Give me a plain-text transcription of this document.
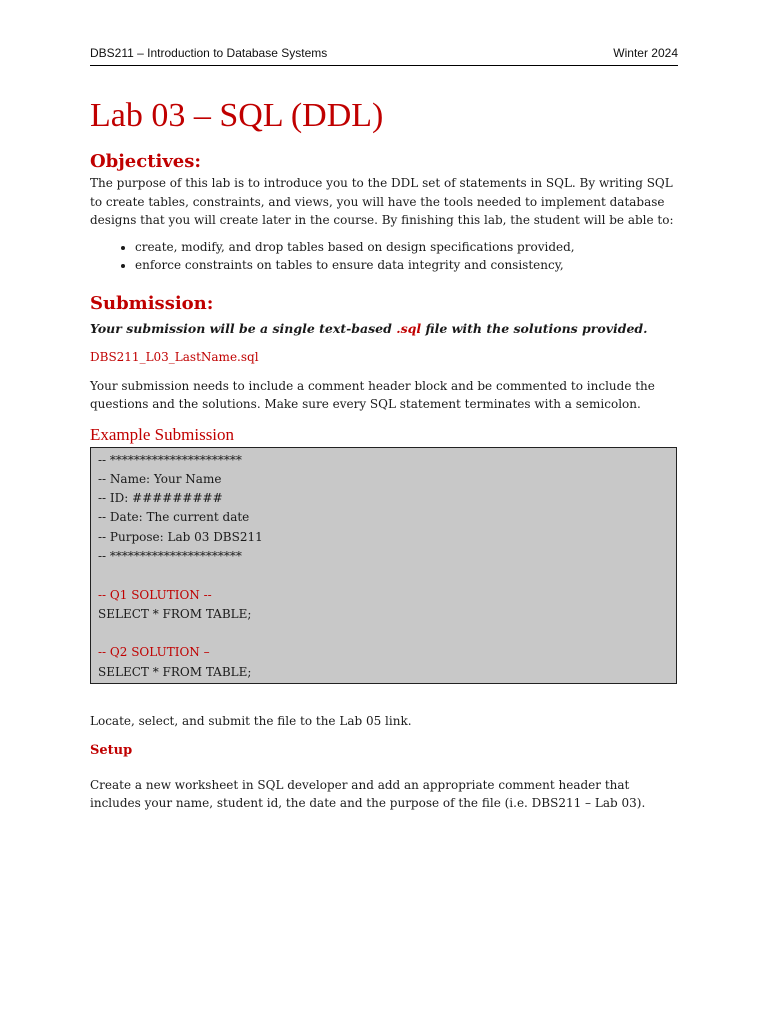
DBS211 – Introduction to Database Systems	Winter 2024
Lab 03 – SQL (DDL)
Objectives:

The purpose of this lab is to introduce you to the DDL set of statements in SQL. By writing SQL to create tables, constraints, and views, you will have the tools needed to implement database designs that you will create later in the course. By finishing this lab, the student will be able to:

• create, modify, and drop tables based on design specifications provided,
• enforce constraints on tables to ensure data integrity and consistency,
Submission:

Your submission will be a single text-based .sql file with the solutions provided.

DBS211_L03_LastName.sql

Your submission needs to include a comment header block and be commented to include the questions and the solutions. Make sure every SQL statement terminates with a semicolon.

Example Submission
-- **********************
-- Name: Your Name
-- ID: #########
-- Date: The current date
-- Purpose: Lab 03 DBS211
-- **********************
-- Q1 SOLUTION --
SELECT * FROM TABLE;
-- Q2 SOLUTION –
SELECT * FROM TABLE;

Locate, select, and submit the file to the Lab 05 link.

Setup

Create a new worksheet in SQL developer and add an appropriate comment header that includes your name, student id, the date and the purpose of the file (i.e. DBS211 – Lab 03).
